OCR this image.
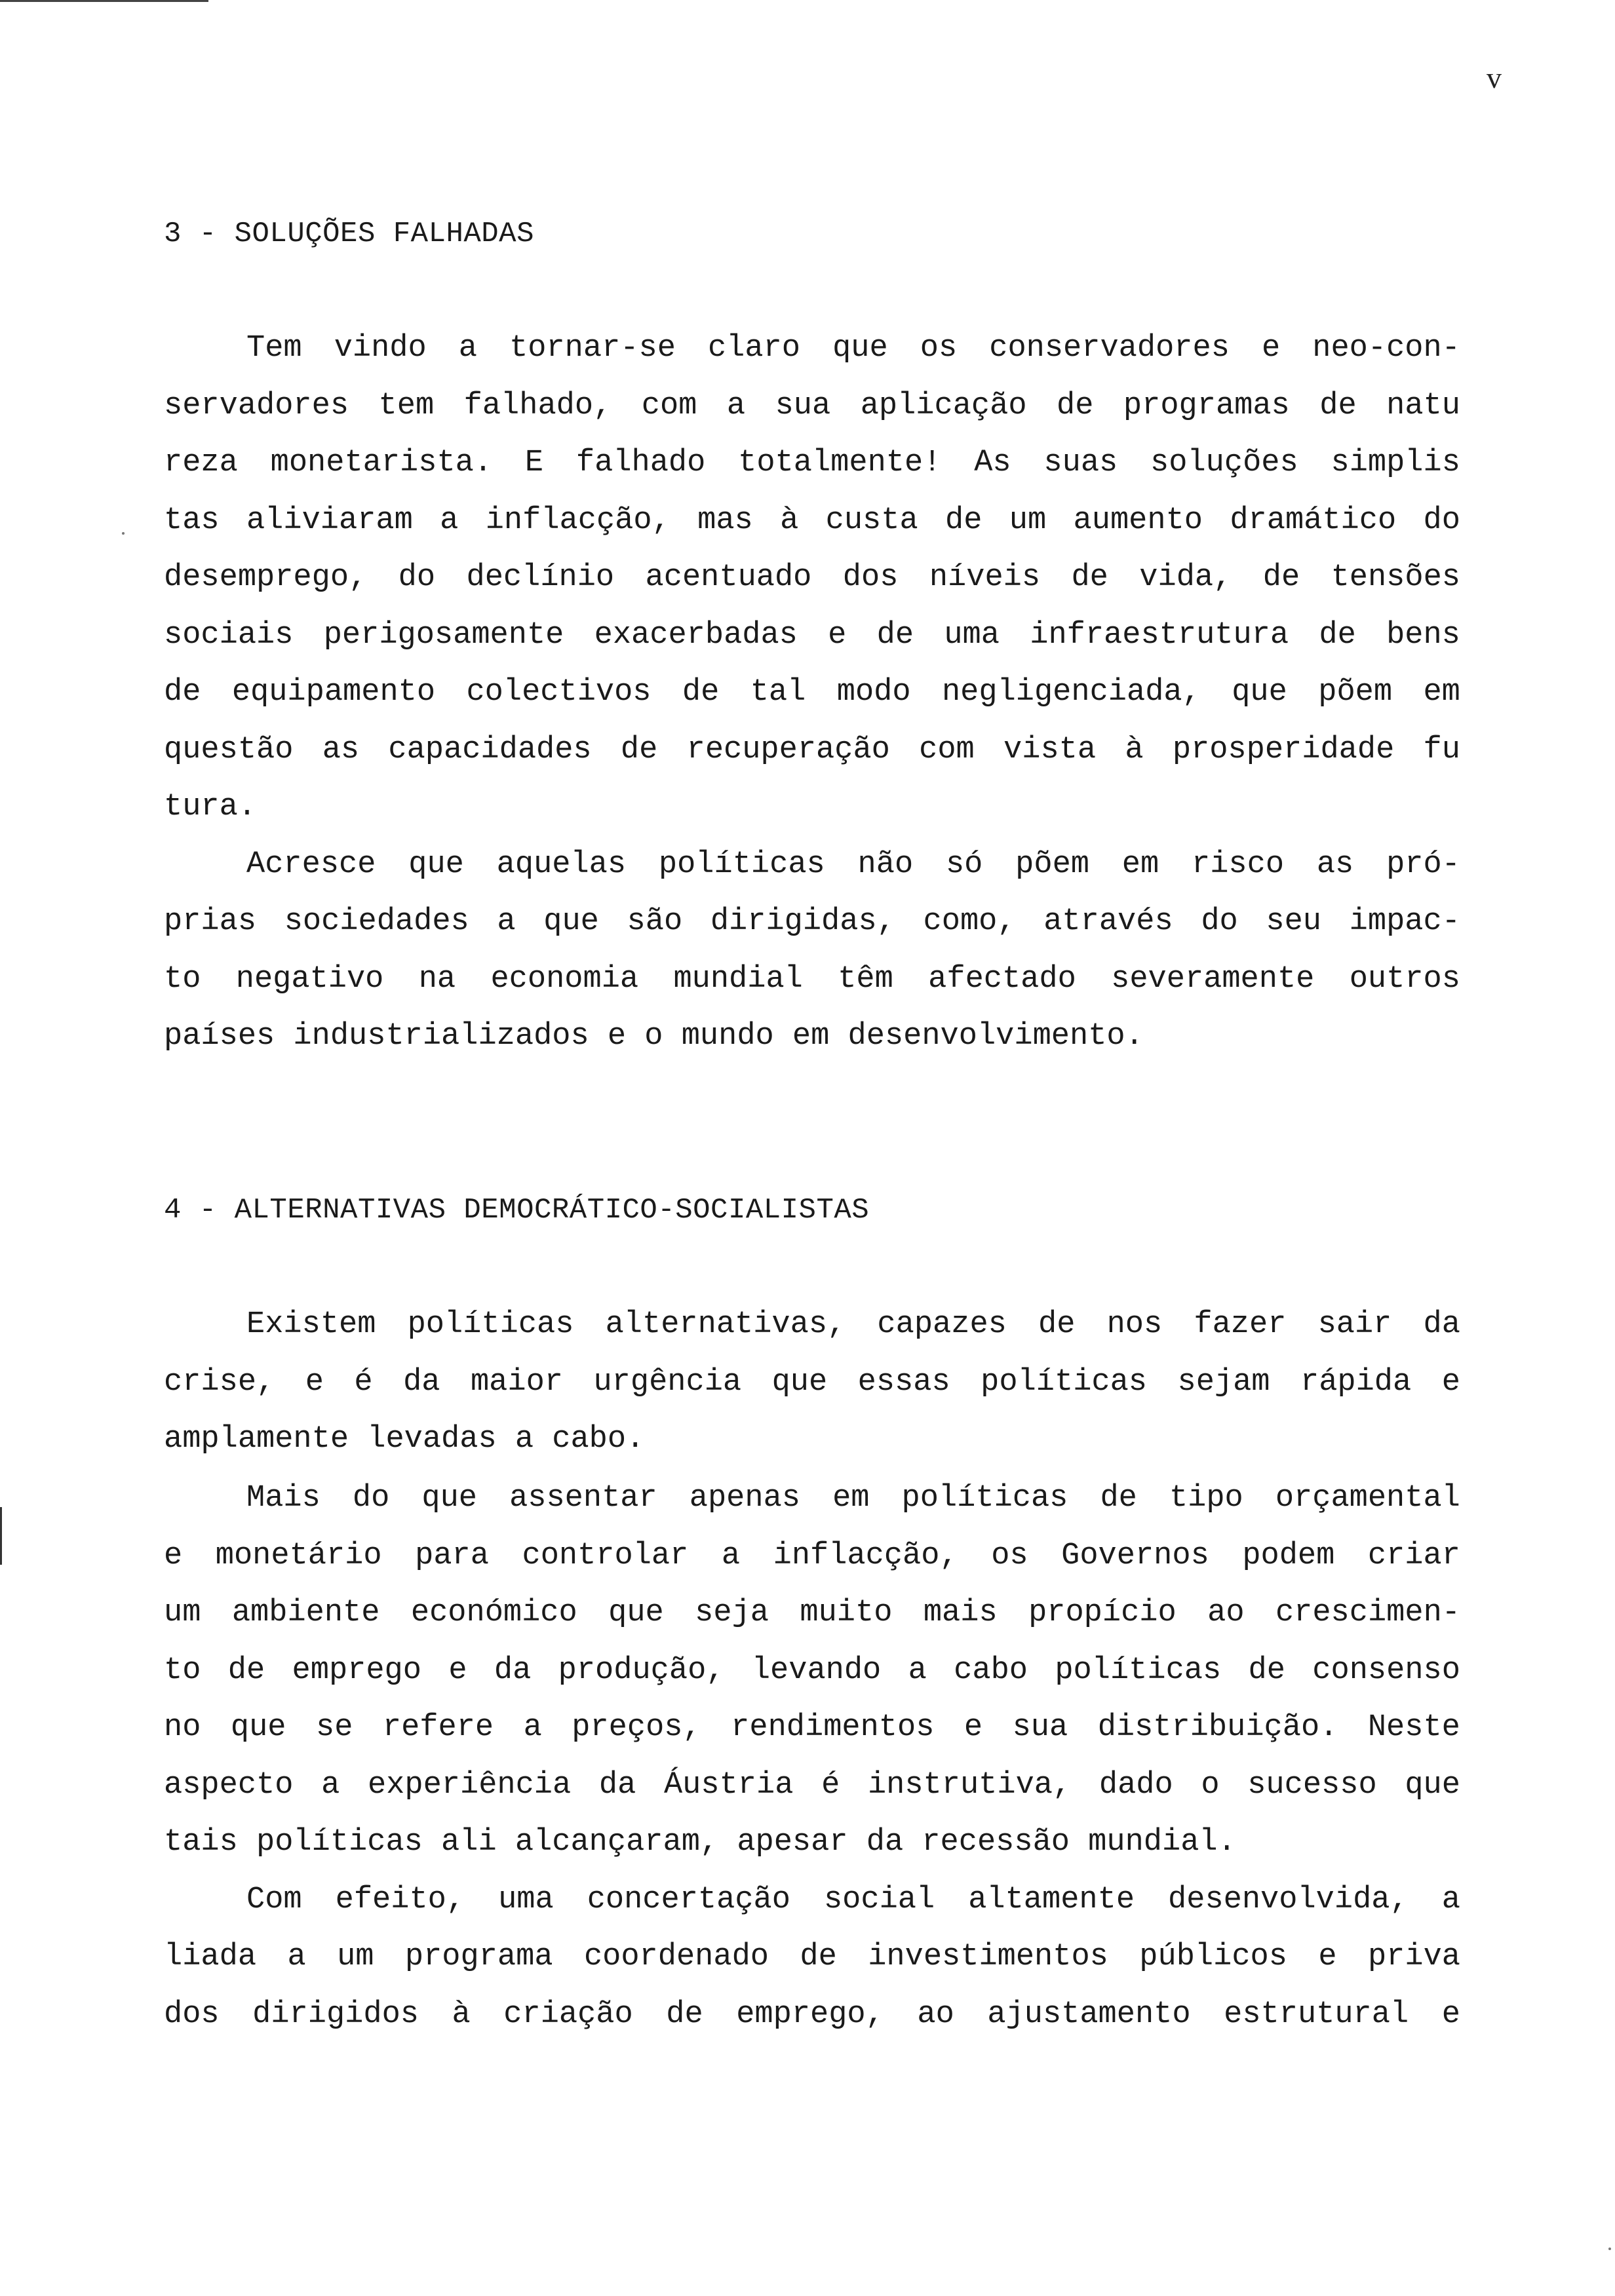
v
3 - SOLUÇÕES FALHADAS
Tem vindo a tornar-se claro que os conservadores e neo-con-
servadores tem falhado, com a sua aplicação de programas de natu
reza monetarista. E falhado totalmente! As suas soluções simplis
tas aliviaram a inflacção, mas à custa de um aumento dramático do
desemprego, do declínio acentuado dos níveis de vida, de tensões
sociais perigosamente exacerbadas e de uma infraestrutura de bens
de equipamento colectivos de tal modo negligenciada, que põem em
questão as capacidades de recuperação com vista à prosperidade fu
tura.
Acresce que aquelas políticas não só põem em risco as pró-
prias sociedades a que são dirigidas, como, através do seu impac-
to negativo na economia mundial têm afectado severamente outros
países industrializados e o mundo em desenvolvimento.
4 - ALTERNATIVAS DEMOCRÁTICO-SOCIALISTAS
Existem políticas alternativas, capazes de nos fazer sair da
crise, e é da maior urgência que essas políticas sejam rápida e
amplamente levadas a cabo.
Mais do que assentar apenas em políticas de tipo orçamental
e monetário para controlar a inflacção, os Governos podem criar
um ambiente económico que seja muito mais propício ao crescimen-
to de emprego e da produção, levando a cabo políticas de consenso
no que se refere a preços, rendimentos e sua distribuição. Neste
aspecto a experiência da Áustria é instrutiva, dado o sucesso que
tais políticas ali alcançaram, apesar da recessão mundial.
Com efeito, uma concertação social altamente desenvolvida, a
liada a um programa coordenado de investimentos públicos e priva
dos dirigidos à criação de emprego, ao ajustamento estrutural e
